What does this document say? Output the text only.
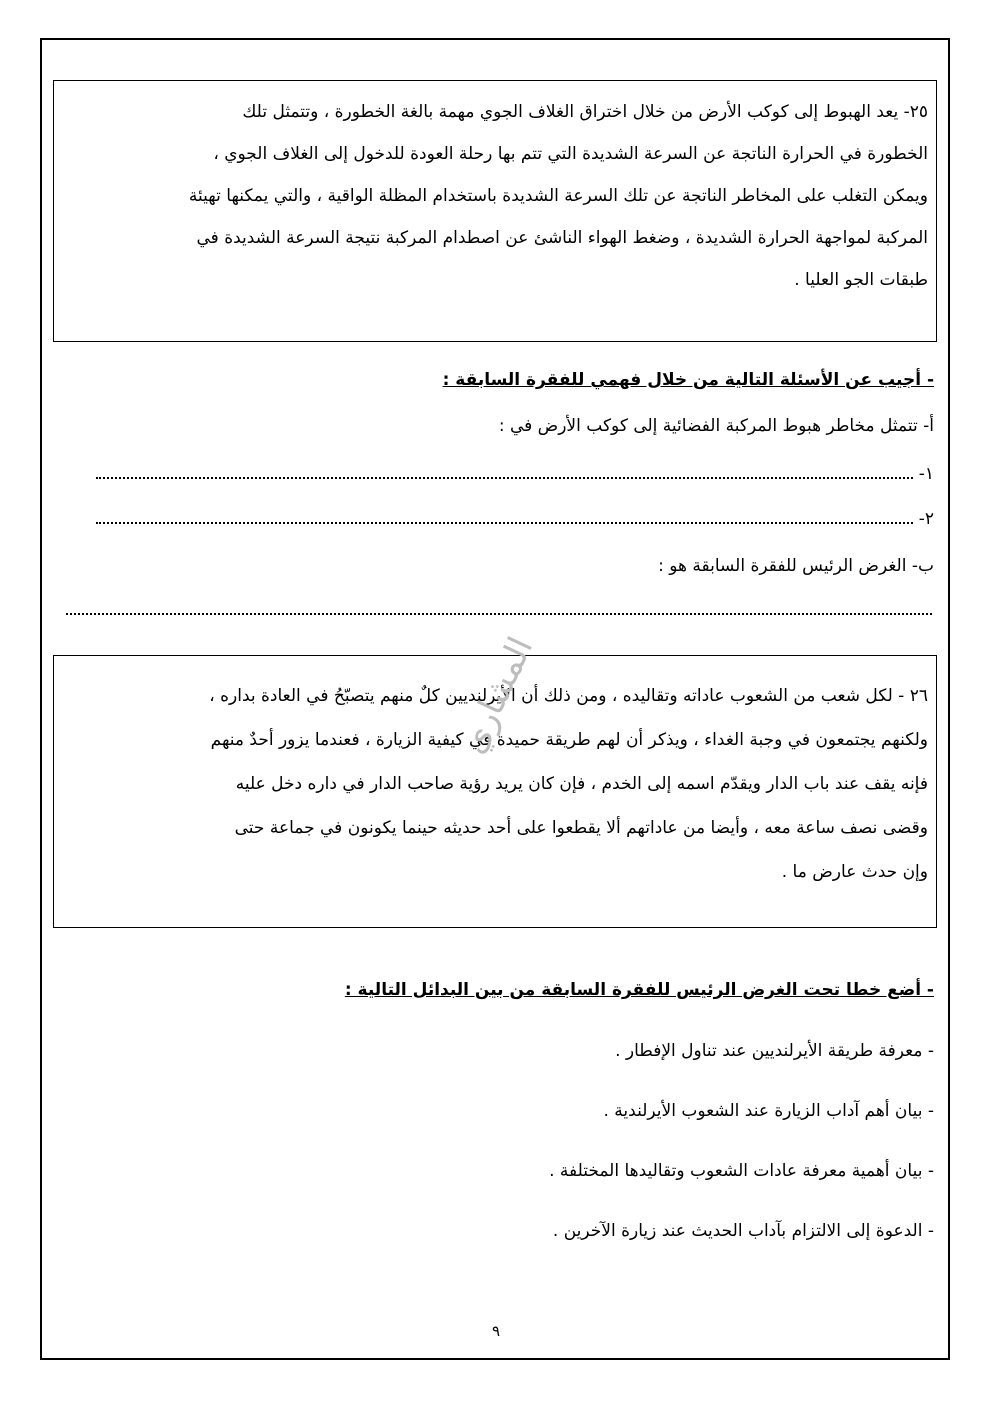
٢٥- يعد الهبوط إلى كوكب الأرض من خلال اختراق الغلاف الجوي مهمة بالغة الخطورة ، وتتمثل تلك
الخطورة في الحرارة الناتجة عن السرعة الشديدة التي تتم بها رحلة العودة للدخول إلى الغلاف الجوي ،
ويمكن التغلب على المخاطر الناتجة عن تلك السرعة الشديدة باستخدام المظلة الواقية ، والتي يمكنها تهيئة
المركبة لمواجهة الحرارة الشديدة ، وضغط الهواء الناشئ عن اصطدام المركبة نتيجة السرعة الشديدة في
طبقات الجو العليا .
- أجيب عن الأسئلة التالية من خلال فهمي للفقرة السابقة :
أ- تتمثل مخاطر هبوط المركبة الفضائية إلى كوكب الأرض في :
١-
٢-
ب- الغرض الرئيس للفقرة السابقة هو :
٢٦ - لكل شعب من الشعوب عاداته وتقاليده ، ومن ذلك أن الأيرلنديين كلٌ منهم يتصبّحُ في العادة بداره ،
ولكنهم يجتمعون في وجبة الغداء ، ويذكر أن لهم طريقة حميدة في كيفية الزيارة ، فعندما يزور أحدٌ منهم
فإنه يقف عند باب الدار ويقدّم اسمه إلى الخدم ، فإن كان يريد رؤية صاحب الدار في داره دخل عليه
وقضى نصف ساعة معه ، وأيضا من عاداتهم ألا يقطعوا على أحد حديثه حينما يكونون في جماعة حتى
وإن حدث عارض ما .
المشاري
- أضع خطا تحت الغرض الرئيس للفقرة السابقة من بين البدائل التالية :
- معرفة طريقة الأيرلنديين عند تناول الإفطار .
- بيان أهم آداب الزيارة عند الشعوب الأيرلندية .
- بيان أهمية معرفة عادات الشعوب وتقاليدها المختلفة .
- الدعوة إلى الالتزام بآداب الحديث عند زيارة الآخرين .
٩
